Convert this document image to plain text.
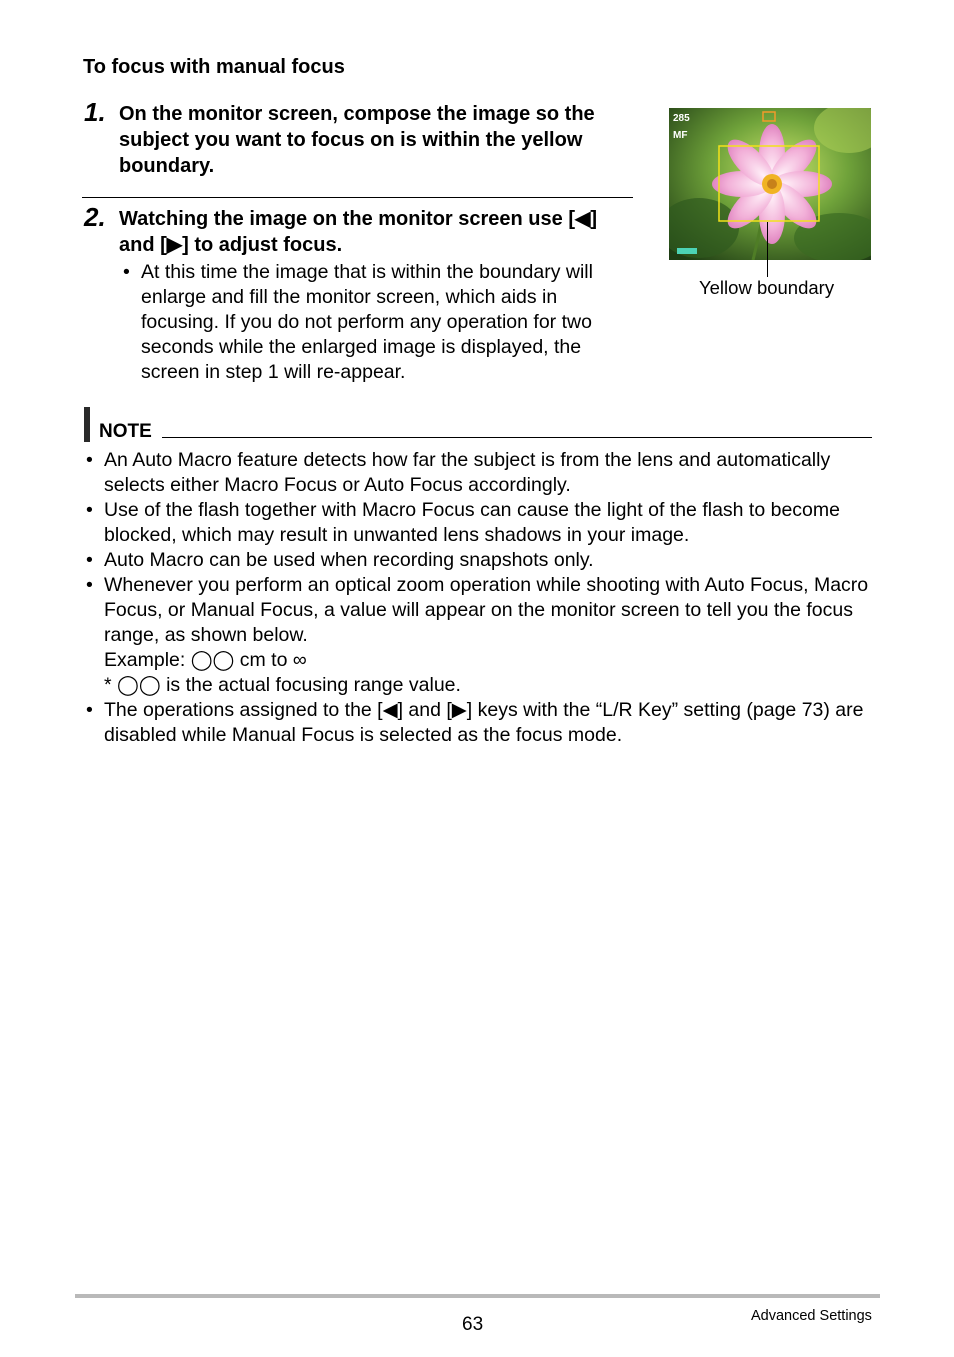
To focus with manual focus
1. On the monitor screen, compose the image so the subject you want to focus on is within the yellow boundary.
2. Watching the image on the monitor screen use [◀] and [▶] to adjust focus.
• At this time the image that is within the boundary will enlarge and fill the monitor screen, which aids in focusing. If you do not perform any operation for two seconds while the enlarged image is displayed, the screen in step 1 will re-appear.
285
MF
Yellow boundary
NOTE
• An Auto Macro feature detects how far the subject is from the lens and automatically selects either Macro Focus or Auto Focus accordingly.
• Use of the flash together with Macro Focus can cause the light of the flash to become blocked, which may result in unwanted lens shadows in your image.
• Auto Macro can be used when recording snapshots only.
• Whenever you perform an optical zoom operation while shooting with Auto Focus, Macro Focus, or Manual Focus, a value will appear on the monitor screen to tell you the focus range, as shown below.
Example: ◯◯ cm to ∞
* ◯◯ is the actual focusing range value.
• The operations assigned to the [◀] and [▶] keys with the “L/R Key” setting (page 73) are disabled while Manual Focus is selected as the focus mode.
63	Advanced Settings
